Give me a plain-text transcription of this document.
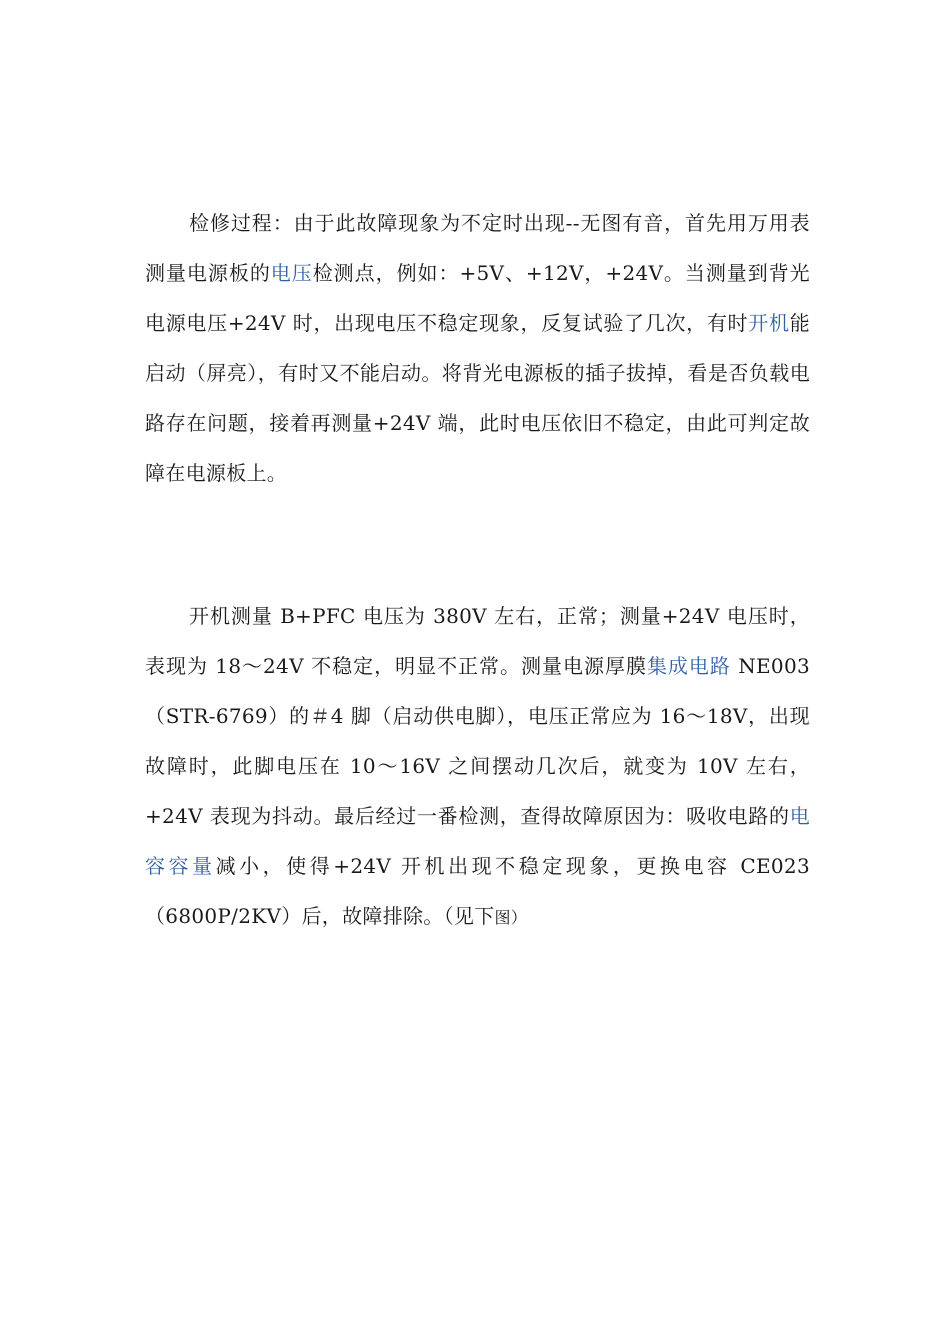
检修过程：由于此故障现象为不定时出现--无图有音，首先用万用表测量电源板的电压检测点，例如：+5V、+12V，+24V。当测量到背光电源电压+24V 时，出现电压不稳定现象，反复试验了几次，有时开机能启动（屏亮），有时又不能启动。将背光电源板的插子拔掉，看是否负载电路存在问题，接着再测量+24V 端，此时电压依旧不稳定，由此可判定故障在电源板上。

开机测量 B+PFC 电压为 380V 左右，正常；测量+24V 电压时，表现为 18～24V 不稳定，明显不正常。测量电源厚膜集成电路 NE003（STR-6769）的＃4 脚（启动供电脚），电压正常应为 16～18V，出现故障时，此脚电压在 10～16V 之间摆动几次后，就变为 10V 左右，+24V 表现为抖动。最后经过一番检测，查得故障原因为：吸收电路的电容容量减小，使得+24V 开机出现不稳定现象，更换电容 CE023（6800P/2KV）后，故障排除。（见下图）
